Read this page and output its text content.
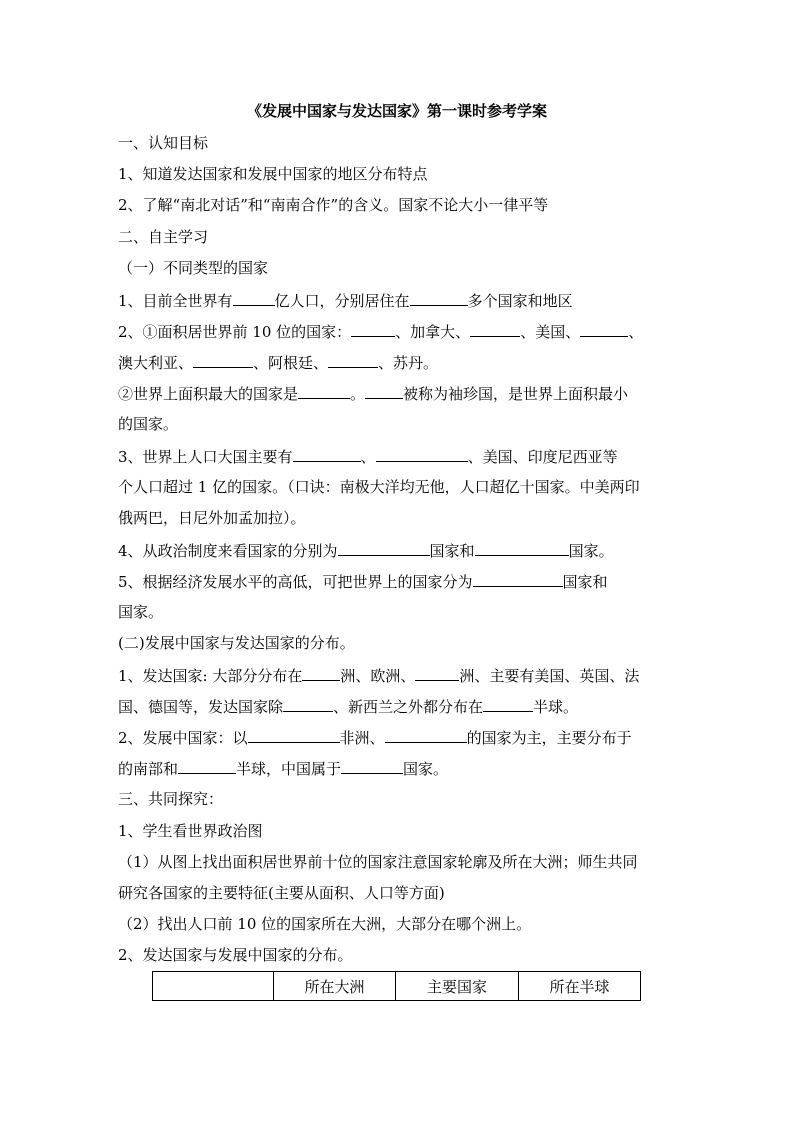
《发展中国家与发达国家》第一课时参考学案
一、认知目标
1、知道发达国家和发展中国家的地区分布特点
2、了解“南北对话”和“南南合作”的含义。国家不论大小一律平等
二、自主学习
（一）不同类型的国家
1、目前全世界有	亿人口，分别居住在	多个国家和地区
2、①面积居世界前 10 位的国家：	、加拿大、	、美国、	、
澳大利亚、	、阿根廷、	、苏丹。
②世界上面积最大的国家是	。	被称为袖珍国，是世界上面积最小
的国家。
3、世界上人口大国主要有	、	、美国、印度尼西亚等
个人口超过 1 亿的国家。（口诀：南极大洋均无他，人口超亿十国家。中美两印
俄两巴，日尼外加孟加拉）。
4、从政治制度来看国家的分别为	国家和	国家。
5、根据经济发展水平的高低，可把世界上的国家分为	国家和
国家。
(二)发展中国家与发达国家的分布。
1、发达国家: 大部分分布在	洲、欧洲、	洲、主要有美国、英国、法
国、德国等，发达国家除	、新西兰之外都分布在	半球。
2、发展中国家：以	非洲、	的国家为主，主要分布于
的南部和	半球，中国属于	国家。
三、共同探究：
1、学生看世界政治图
（1）从图上找出面积居世界前十位的国家注意国家轮廓及所在大洲；师生共同
研究各国家的主要特征(主要从面积、人口等方面)
（2）找出人口前 10 位的国家所在大洲，大部分在哪个洲上。
2、发达国家与发展中国家的分布。
	所在大洲	主要国家	所在半球
